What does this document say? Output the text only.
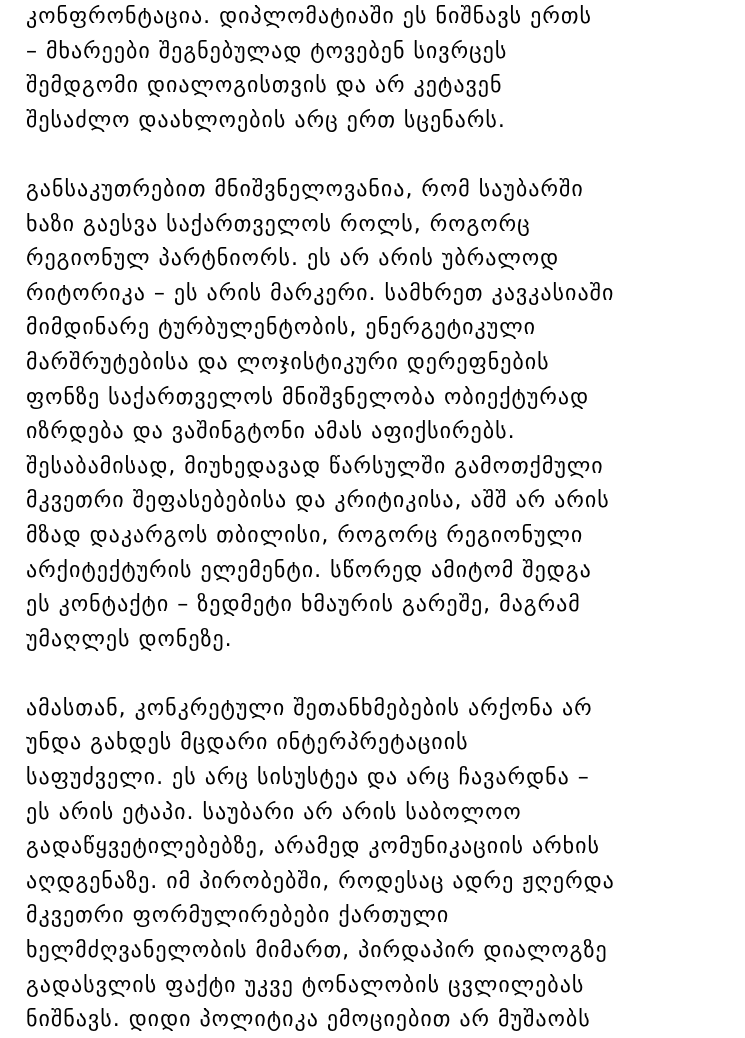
კონფრონტაცია. დიპლომატიაში ეს ნიშნავს ერთს
– მხარეები შეგნებულად ტოვებენ სივრცეს
შემდგომი დიალოგისთვის და არ კეტავენ
შესაძლო დაახლოების არც ერთ სცენარს.
განსაკუთრებით მნიშვნელოვანია, რომ საუბარში
ხაზი გაესვა საქართველოს როლს, როგორც
რეგიონულ პარტნიორს. ეს არ არის უბრალოდ
რიტორიკა – ეს არის მარკერი. სამხრეთ კავკასიაში
მიმდინარე ტურბულენტობის, ენერგეტიკული
მარშრუტებისა და ლოჯისტიკური დერეფნების
ფონზე საქართველოს მნიშვნელობა ობიექტურად
იზრდება და ვაშინგტონი ამას აფიქსირებს.
შესაბამისად, მიუხედავად წარსულში გამოთქმული
მკვეთრი შეფასებებისა და კრიტიკისა, აშშ არ არის
მზად დაკარგოს თბილისი, როგორც რეგიონული
არქიტექტურის ელემენტი. სწორედ ამიტომ შედგა
ეს კონტაქტი – ზედმეტი ხმაურის გარეშე, მაგრამ
უმაღლეს დონეზე.
ამასთან, კონკრეტული შეთანხმებების არქონა არ
უნდა გახდეს მცდარი ინტერპრეტაციის
საფუძველი. ეს არც სისუსტეა და არც ჩავარდნა –
ეს არის ეტაპი. საუბარი არ არის საბოლოო
გადაწყვეტილებებზე, არამედ კომუნიკაციის არხის
აღდგენაზე. იმ პირობებში, როდესაც ადრე ჟღერდა
მკვეთრი ფორმულირებები ქართული
ხელმძღვანელობის მიმართ, პირდაპირ დიალოგზე
გადასვლის ფაქტი უკვე ტონალობის ცვლილებას
ნიშნავს. დიდი პოლიტიკა ემოციებით არ მუშაობს
